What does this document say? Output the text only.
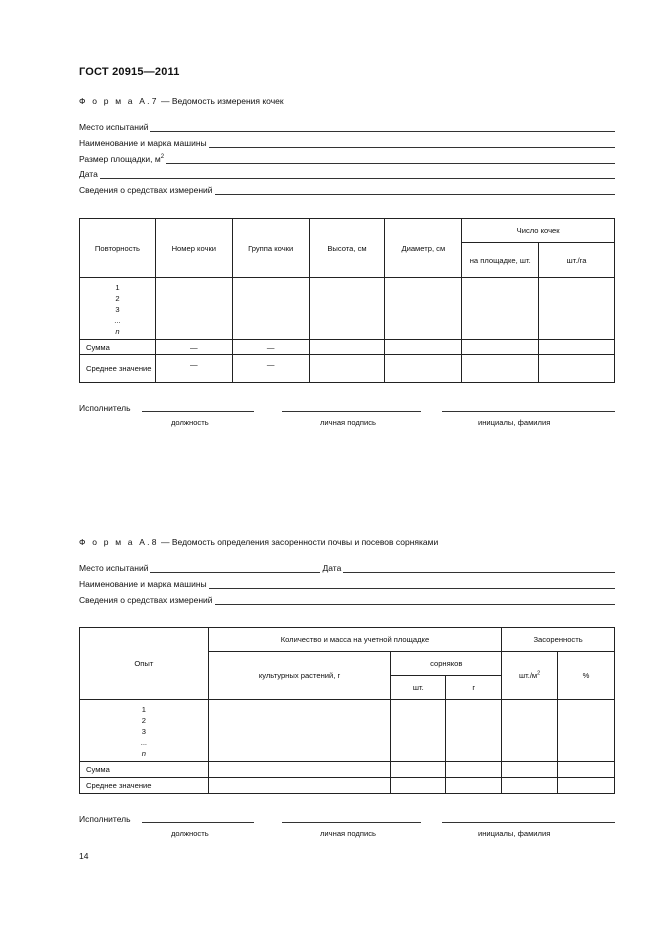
ГОСТ 20915—2011
Ф о р м а А.7 — Ведомость измерения кочек
Место испытаний
Наименование и марка машины
Размер площадки, $м^2$
Дата
Сведения о средствах измерений
Повторность	Номер кочки	Группа кочки	Высота, см	Диаметр, см	Число кочек	
					на площадке, шт.	шт./га

1
2
3
...
n						

Сумма	—	—				
Среднее значение	—	—				
Исполнитель
должность	личная подпись	инициалы, фамилия
Ф о р м а А.8 — Ведомость определения засоренности почвы и посевов сорняками
Место испытаний	Дата
Наименование и марка машины
Сведения о средствах измерений
Опыт	Количество и масса на учетной площадке			Засоренность	
	культурных растений, г	сорняков		$шт./м^2$	%
		шт.	г		

1
2
3
...
n					

Сумма					
Среднее значение					
Исполнитель
должность	личная подпись	инициалы, фамилия
14
